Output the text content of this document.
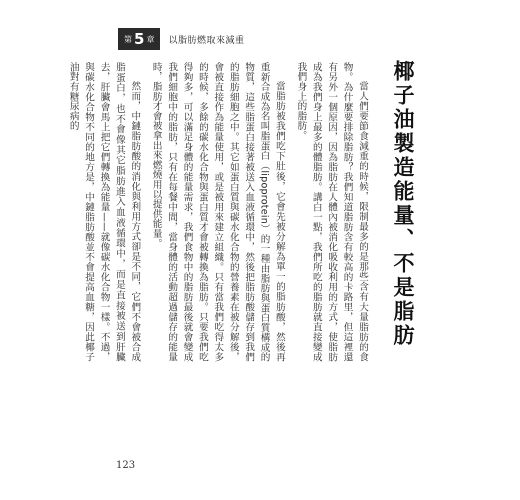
第 5 章 以脂肪燃取來減重
椰子油製造能量、不是脂肪

當人們要節食減重的時候，限制最多的是那些含有大量脂肪的食物。為什麼要排除脂肪？我們知道脂肪含有較高的卡路里，但這裡還有另外一個原因，因為脂肪在人體內被消化吸收利用的方式，使脂肪成為我們身上最多的體脂肪。講白一點，我們所吃的脂肪就直接變成我們身上的脂肪。

當脂肪被我們吃下肚後，它會先被分解為單一的脂肪酸，然後再重新合成為名叫脂蛋白（lipoprotein）的一種由脂肪與蛋白質構成的物質，這些脂蛋白接著被送入血液循環中，然後把脂肪酸儲存到我們的脂肪細胞之中。其它如蛋白質與碳水化合物的營養素在被分解後，會被直接作為能量使用，或是被用來建立組織。只有當我們吃得太多的時候，多餘的碳水化合物與蛋白質才會被轉換為脂肪。只要我們吃得夠多，可以滿足身體的能量需求，我們食物中的脂肪最後就會變成我們細胞中的脂肪，只有在每餐中間，當身體的活動超過儲存的能量時，脂肪才會被拿出來燃燒用以提供能量。

然而，中鏈脂肪酸的消化與利用方式卻是不同，它們不會被合成脂蛋白，也不會像其它脂肪進入血液循環中，而是直接被送到肝臟去，肝臟會馬上把它們轉換為能量——就像碳水化合物一樣。不過，與碳水化合物不同的地方是，中鏈脂肪酸並不會提高血糖，因此椰子油對有糖尿病的

123
